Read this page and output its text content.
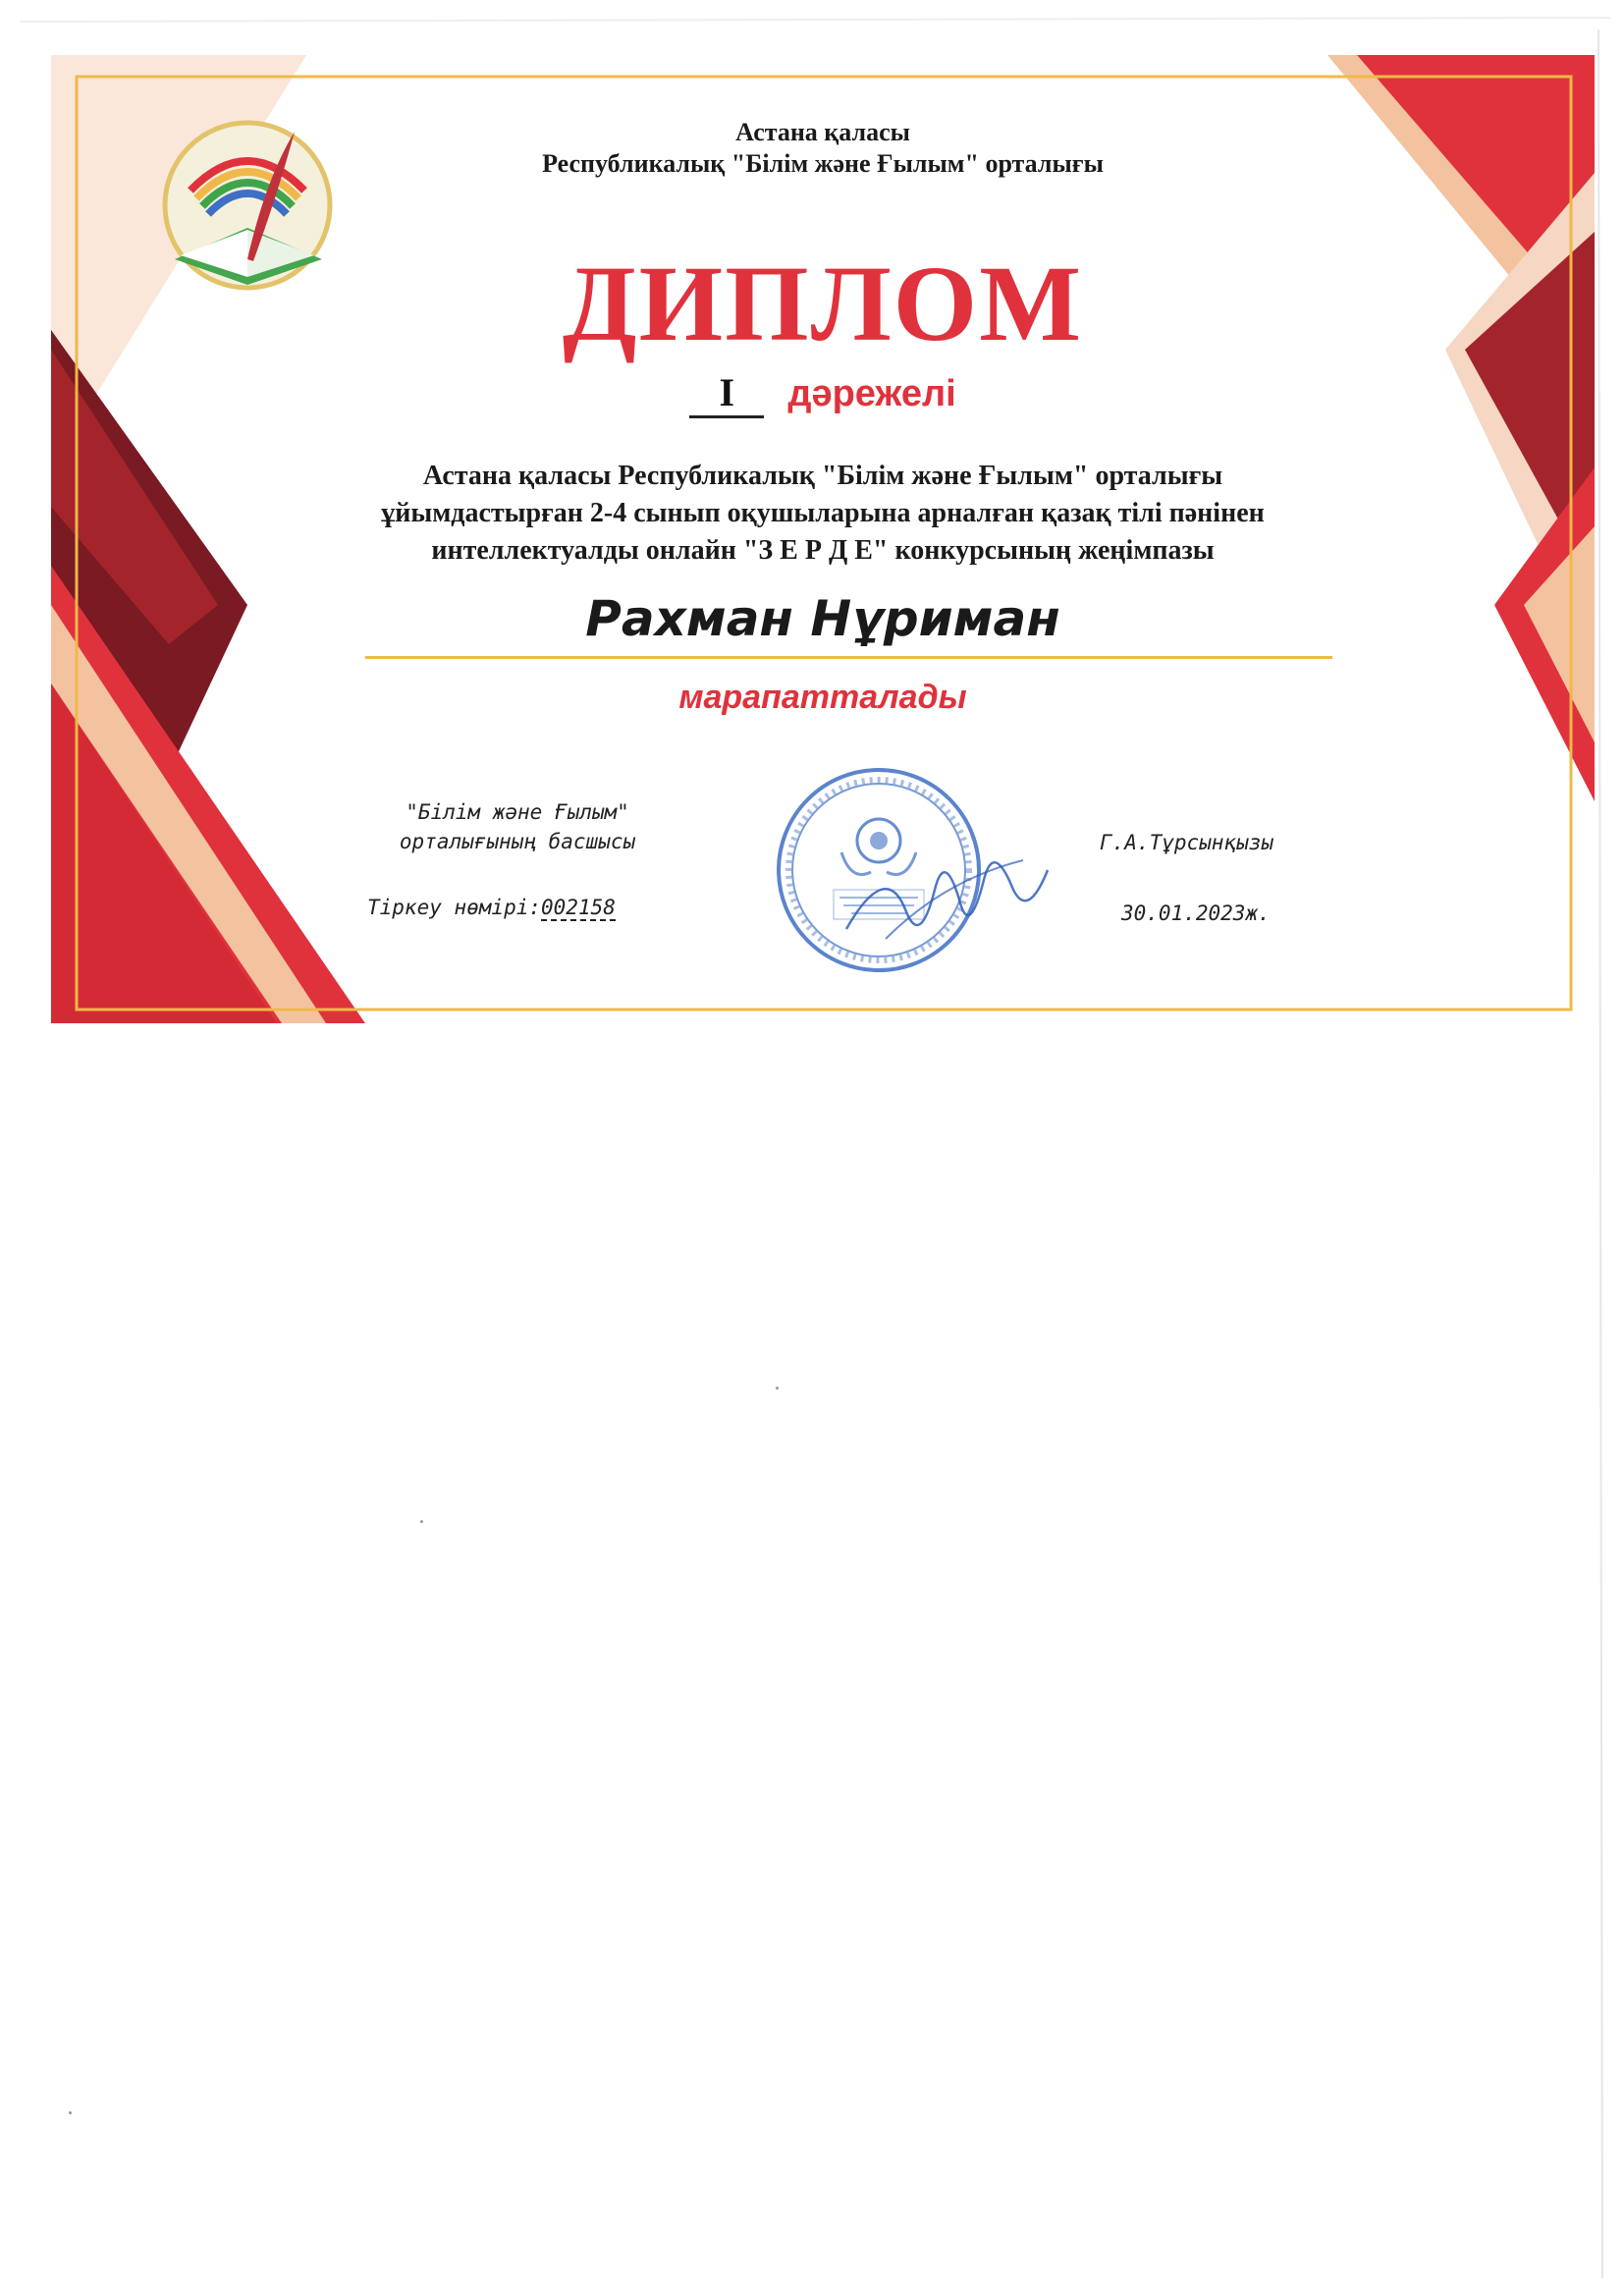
Астана қаласы
Республикалық "Білім және Ғылым" орталығы
ДИПЛОМ
I дәрежелі
Астана қаласы Республикалық "Білім және Ғылым" орталығы
ұйымдастырған 2-4 сынып оқушыларына арналған қазақ тілі пәнінен
интеллектуалды онлайн "З Е Р Д Е" конкурсының жеңімпазы
Рахман Нұриман
марапатталады
"Білім және Ғылым"
орталығының басшысы
Тіркеу нөмірі:002158
Г.А.Тұрсынқызы
30.01.2023ж.
